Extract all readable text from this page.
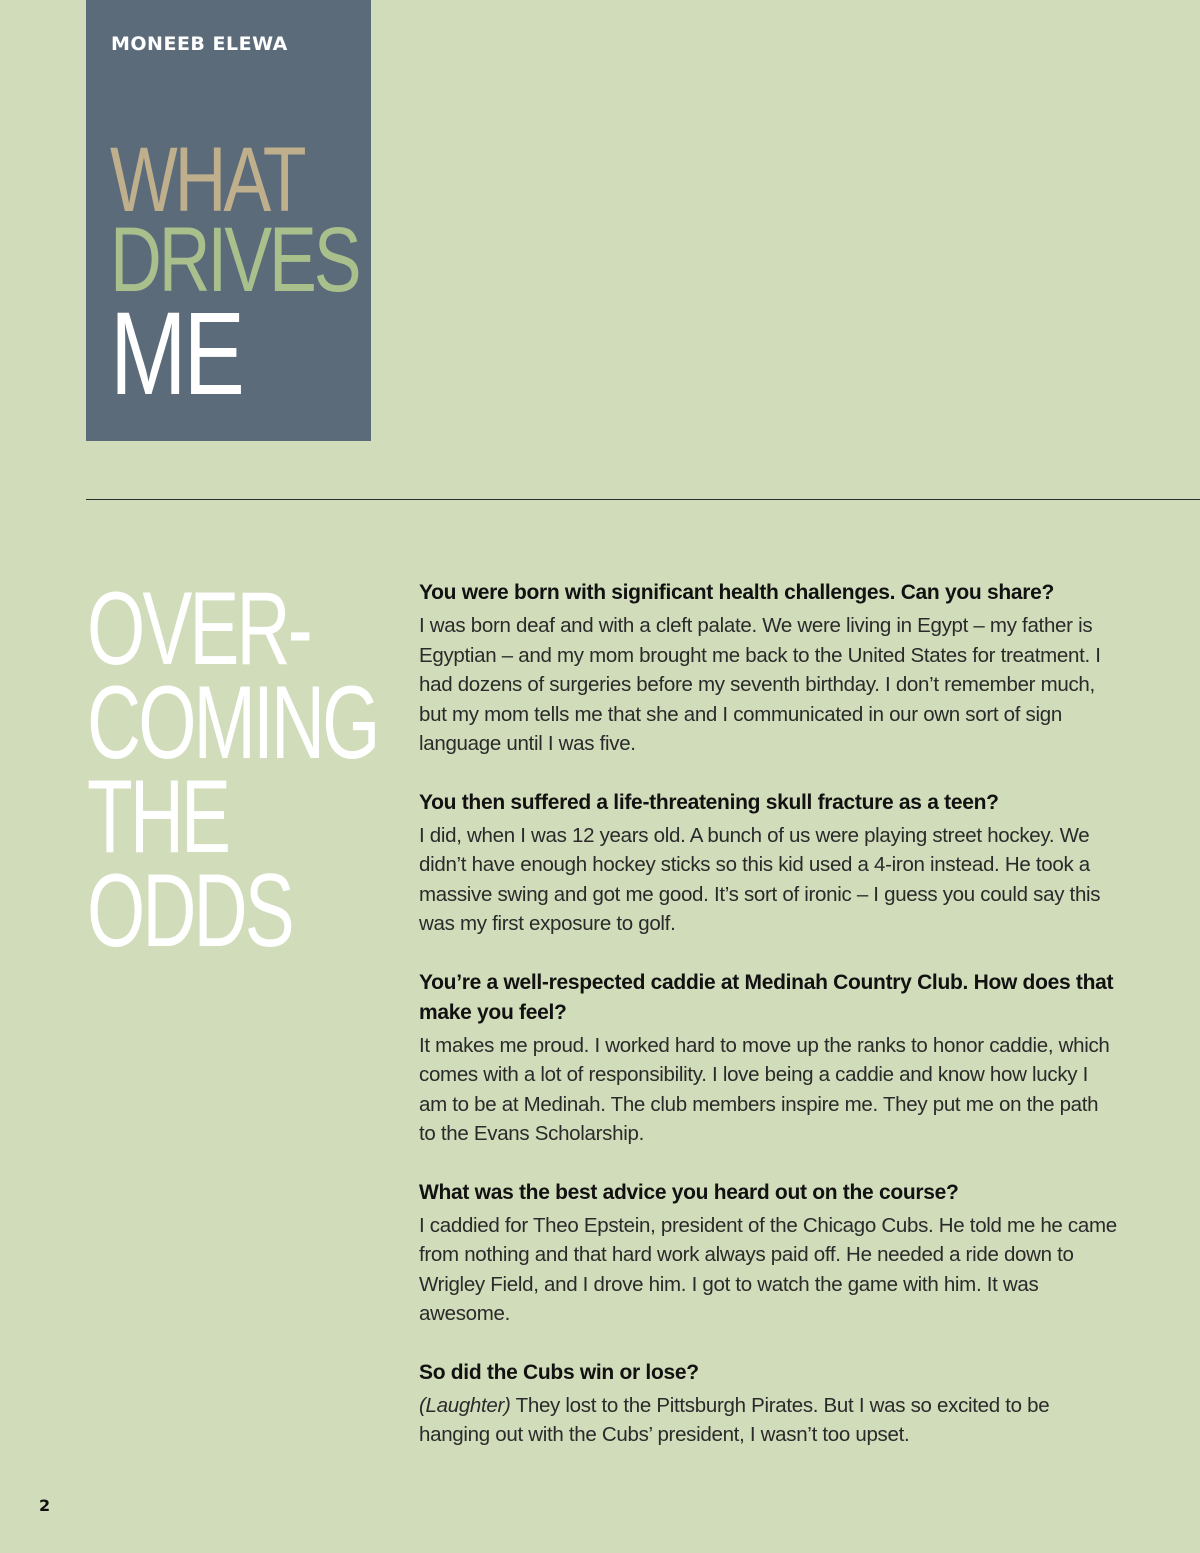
MONEEB ELEWA
WHAT
DRIVES
ME
OVER-
COMING
THE
ODDS

You were born with significant health challenges. Can you share?

I was born deaf and with a cleft palate. We were living in Egypt – my father is Egyptian – and my mom brought me back to the United States for treatment. I had dozens of surgeries before my seventh birthday. I don’t remember much, but my mom tells me that she and I communicated in our own sort of sign language until I was five.

You then suffered a life-threatening skull fracture as a teen?

I did, when I was 12 years old. A bunch of us were playing street hockey. We didn’t have enough hockey sticks so this kid used a 4-iron instead. He took a massive swing and got me good. It’s sort of ironic – I guess you could say this was my first exposure to golf.

You’re a well-respected caddie at Medinah Country Club. How does that make you feel?

It makes me proud. I worked hard to move up the ranks to honor caddie, which comes with a lot of responsibility. I love being a caddie and know how lucky I am to be at Medinah. The club members inspire me. They put me on the path to the Evans Scholarship.

What was the best advice you heard out on the course?

I caddied for Theo Epstein, president of the Chicago Cubs. He told me he came from nothing and that hard work always paid off. He needed a ride down to Wrigley Field, and I drove him. I got to watch the game with him. It was awesome.

So did the Cubs win or lose?

(Laughter) They lost to the Pittsburgh Pirates. But I was so excited to be hanging out with the Cubs’ president, I wasn’t too upset.

2
